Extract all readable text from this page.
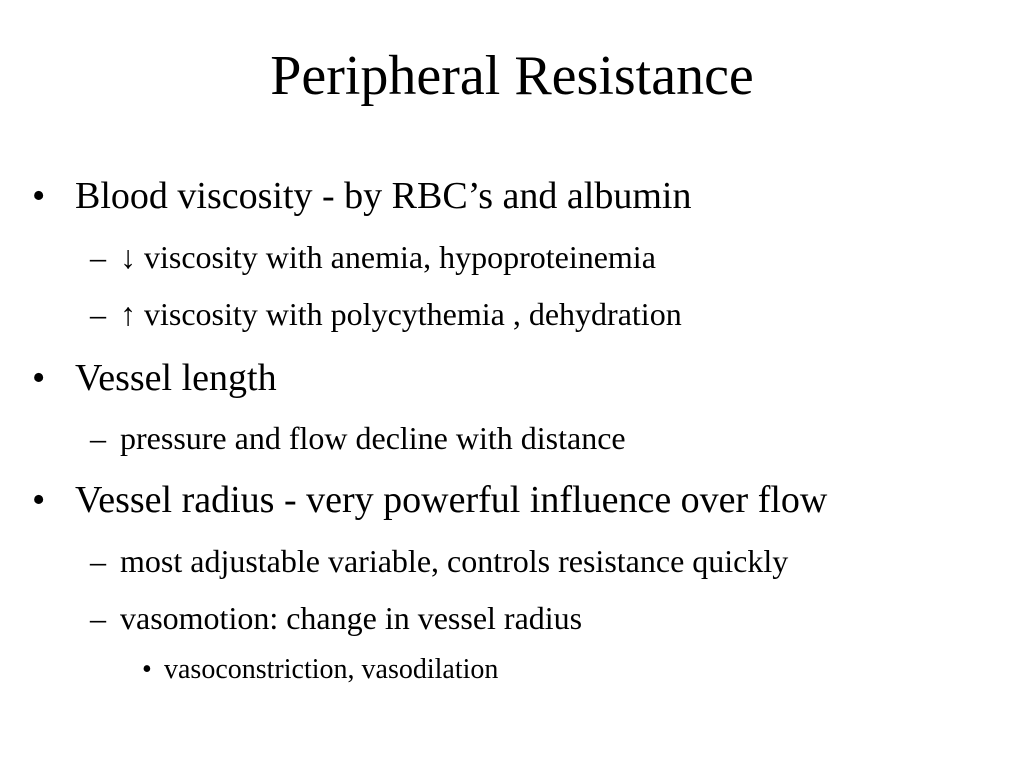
Peripheral Resistance
• Blood viscosity - by RBC’s and albumin
– ↓ viscosity with anemia, hypoproteinemia
– ↑ viscosity with polycythemia , dehydration
• Vessel length
– pressure and flow decline with distance
• Vessel radius - very powerful influence over flow
– most adjustable variable, controls resistance quickly
– vasomotion: change in vessel radius
• vasoconstriction, vasodilation
